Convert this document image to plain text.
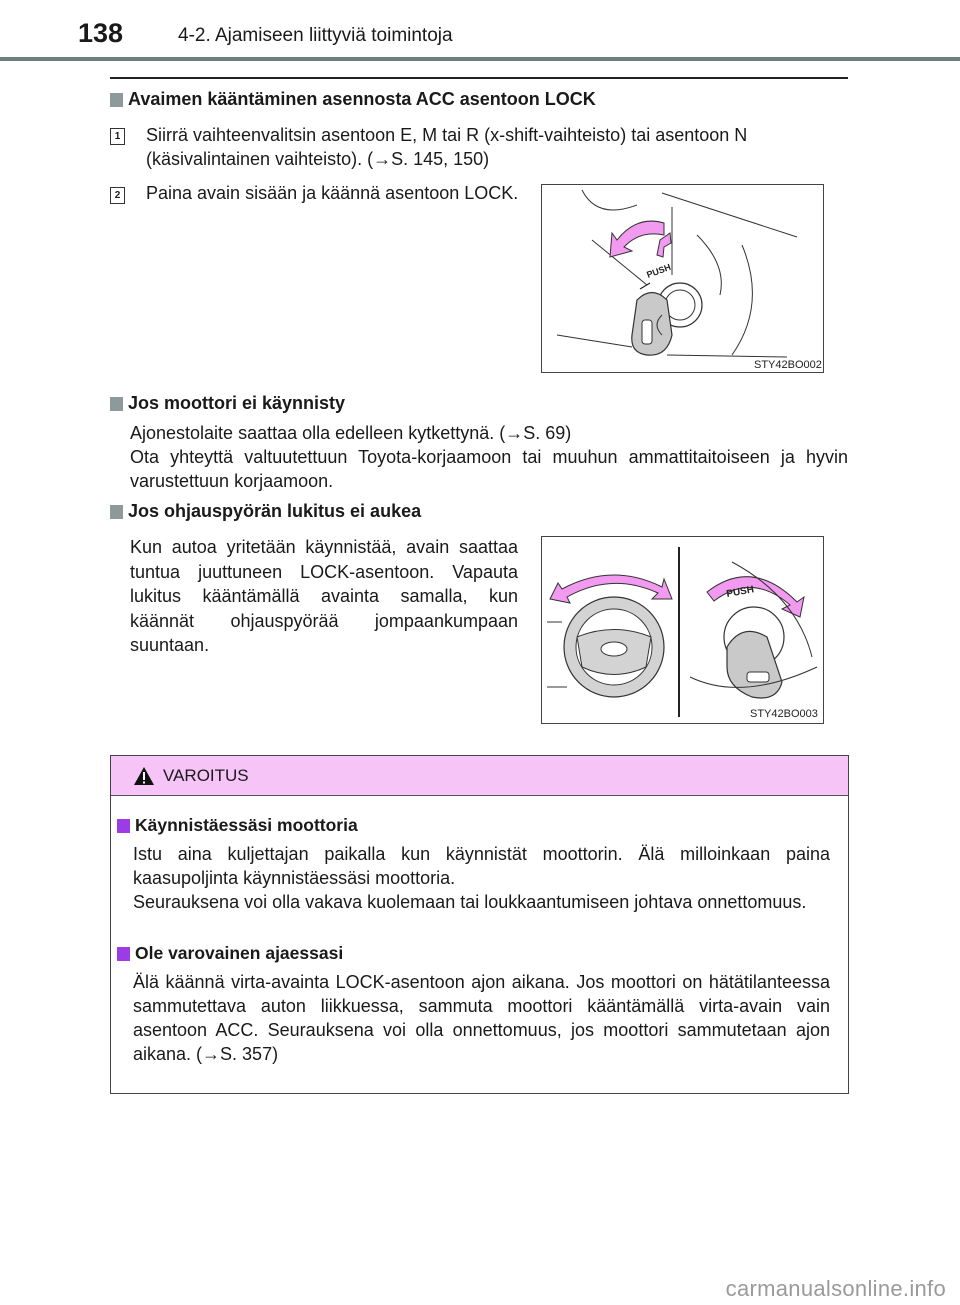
138	4-2. Ajamiseen liittyviä toimintoja
Avaimen kääntäminen asennosta ACC asentoon LOCK
1 Siirrä vaihteenvalitsin asentoon E, M tai R (x-shift-vaihteisto) tai asentoon N
(käsivalintainen vaihteisto). (→S. 145, 150)
2 Paina avain sisään ja käännä asentoon LOCK.
PUSH
STY42BO002
Jos moottori ei käynnisty
Ajonestolaite saattaa olla edelleen kytkettynä. (→S. 69)
Ota yhteyttä valtuutettuun Toyota-korjaamoon tai muuhun ammattitaitoiseen ja hyvin varustettuun korjaamoon.
Jos ohjauspyörän lukitus ei aukea
Kun autoa yritetään käynnistää, avain saattaa tuntua juuttuneen LOCK-asentoon. Vapauta lukitus kääntämällä avainta samalla, kun käännät ohjauspyörää jompaankumpaan suuntaan.
PUSH
STY42BO003
VAROITUS
Käynnistäessäsi moottoria
Istu aina kuljettajan paikalla kun käynnistät moottorin. Älä milloinkaan paina kaasupoljinta käynnistäessäsi moottoria.
Seurauksena voi olla vakava kuolemaan tai loukkaantumiseen johtava onnettomuus.
Ole varovainen ajaessasi
Älä käännä virta-avainta LOCK-asentoon ajon aikana. Jos moottori on hätätilanteessa sammutettava auton liikkuessa, sammuta moottori kääntämällä virta-avain vain asentoon ACC. Seurauksena voi olla onnettomuus, jos moottori sammutetaan ajon aikana. (→S. 357)
carmanualsonline.info
